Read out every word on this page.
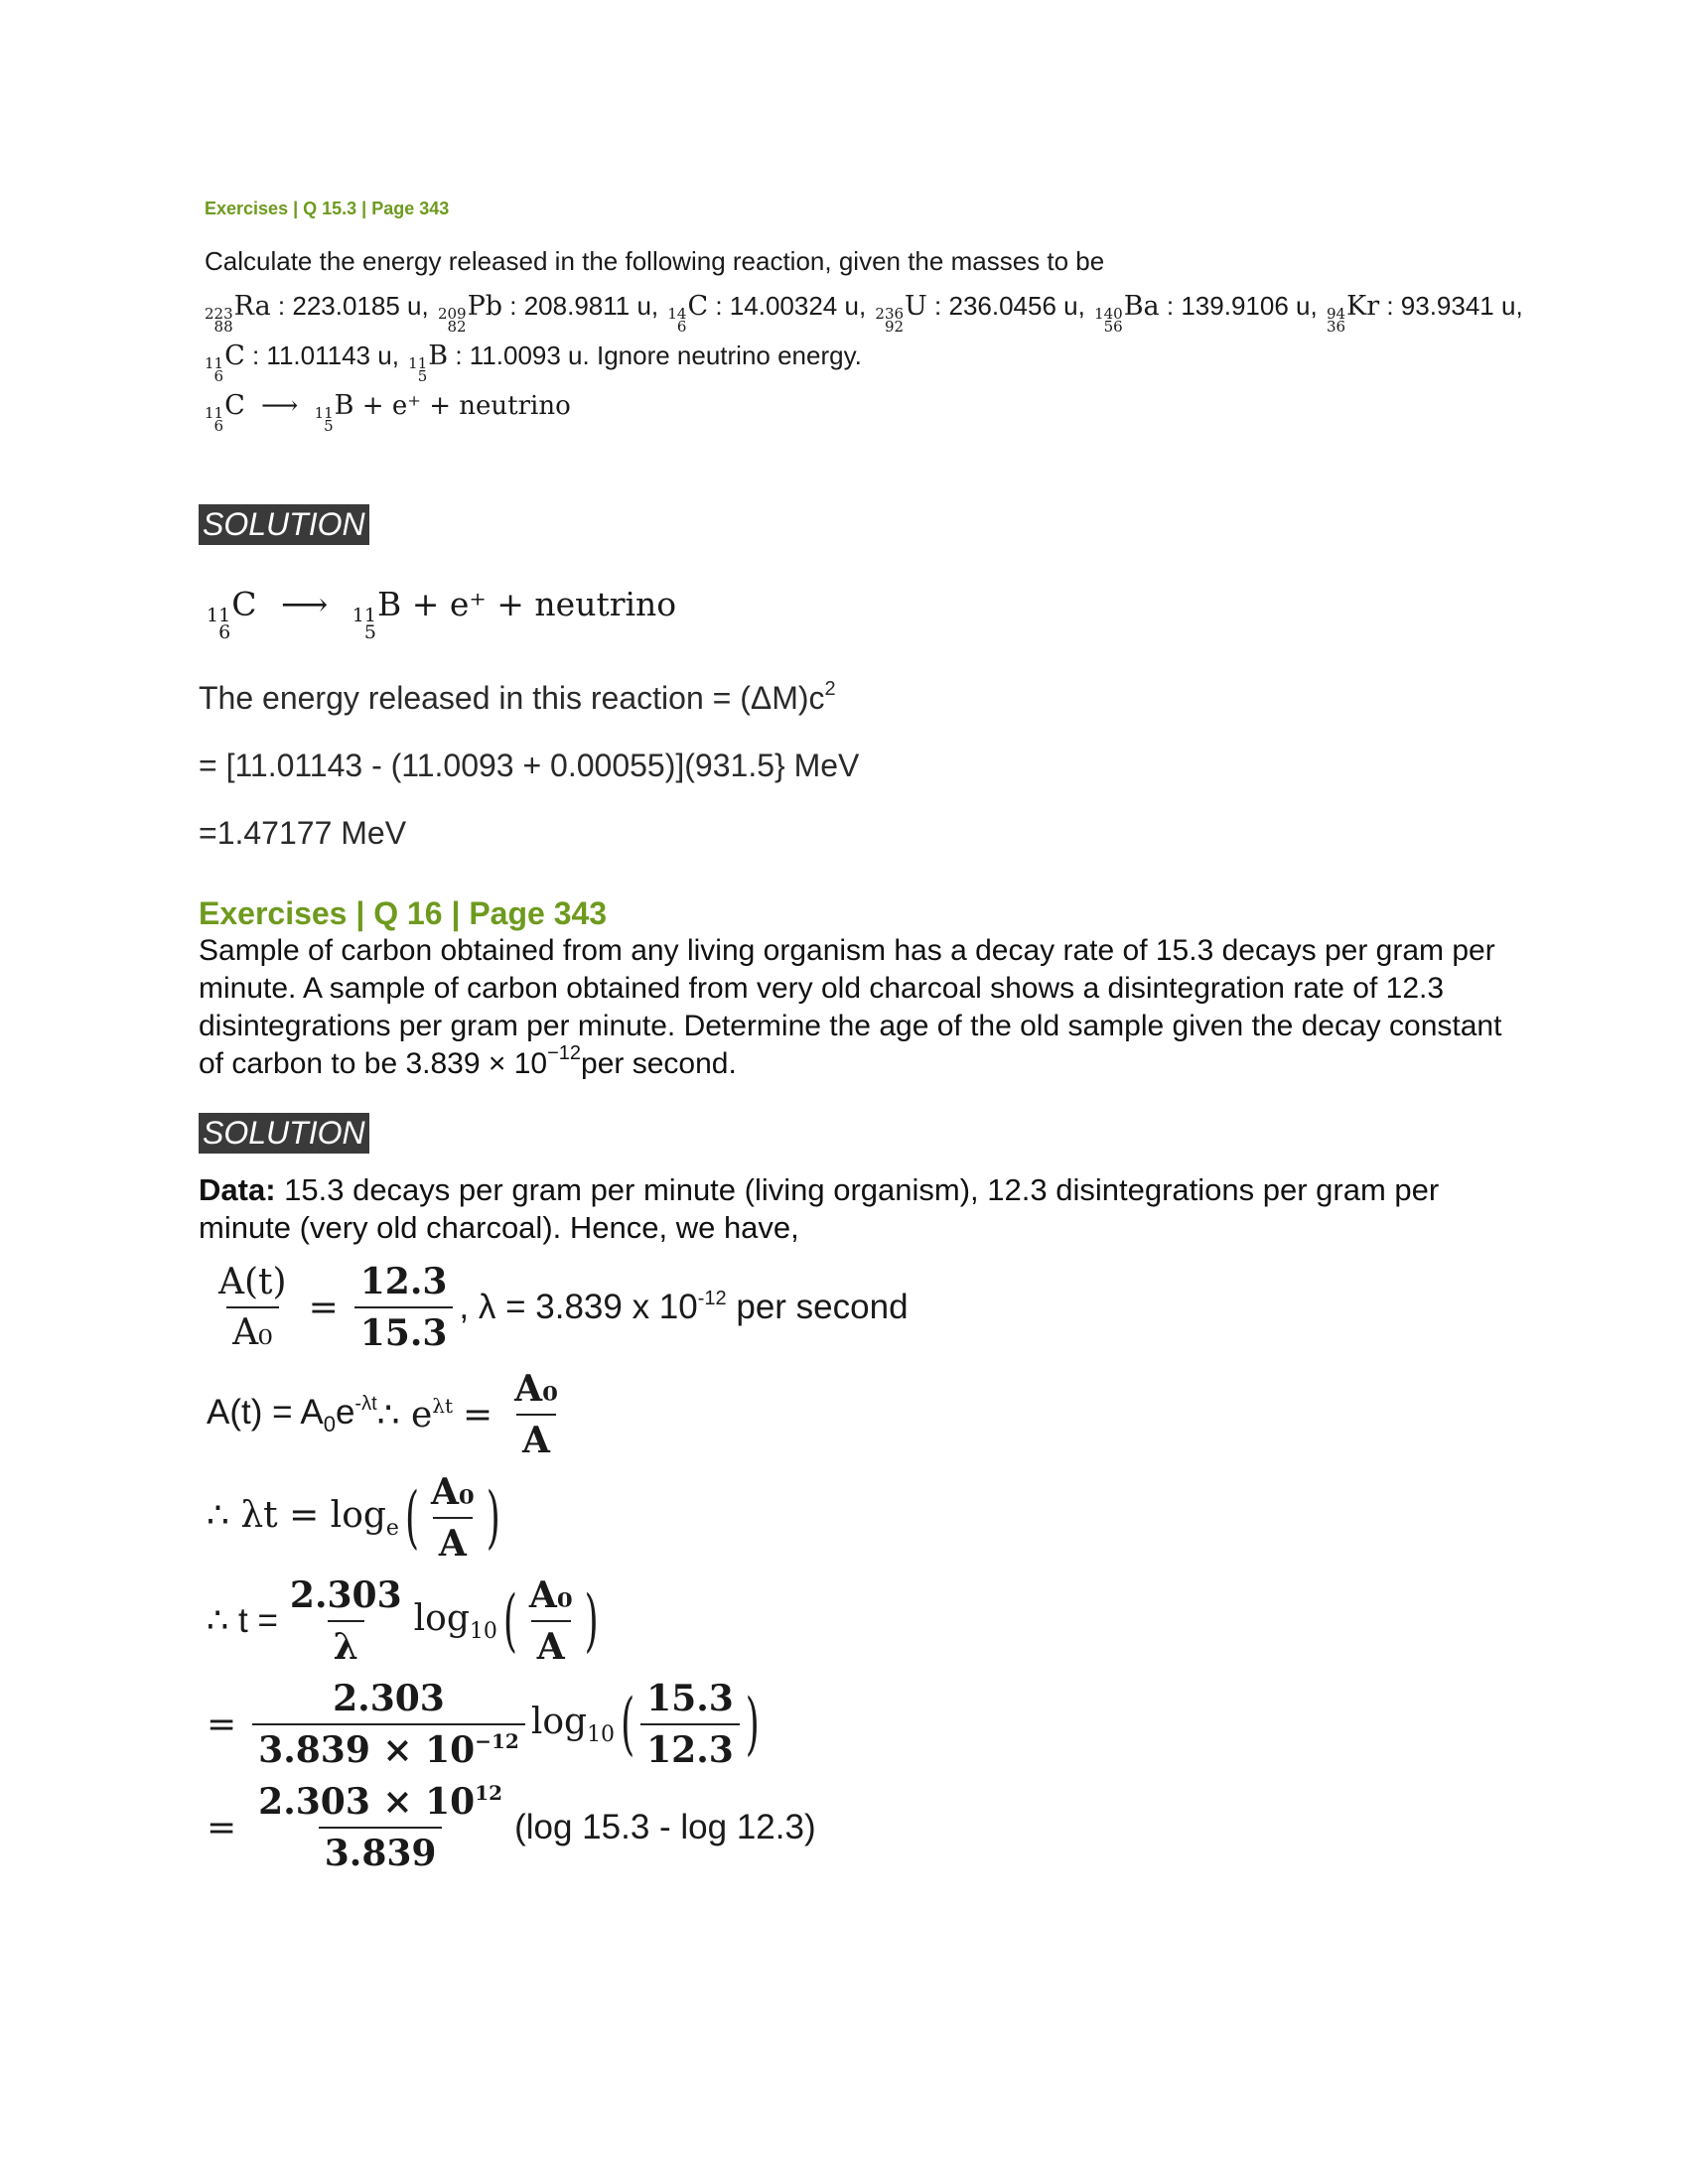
Exercises | Q 15.3 | Page 343
Calculate the energy released in the following reaction, given the masses to be
223
88
Ra : 223.0185 u, 209
82
Pb : 208.9811 u, 14
6
C : 14.00324 u, 236
92
U : 236.0456 u, 140
56
Ba : 139.9106 u, 94
36
Kr : 93.9341 u,
11
6
C : 11.01143 u, 11
5
B : 11.0093 u. Ignore neutrino energy.
11
6
C ⟶ 11
5
B + e⁺ + neutrino
SOLUTION
11
6
C ⟶ 11
5
B + e⁺ + neutrino
The energy released in this reaction = $(\Delta M)c^2$
= [11.01143 - (11.0093 + 0.00055)](931.5} MeV
=1.47177 MeV
Exercises | Q 16 | Page 343
Sample of carbon obtained from any living organism has a decay rate of 15.3 decays per gram per minute. A sample of carbon obtained from very old charcoal shows a disintegration rate of 12.3 disintegrations per gram per minute. Determine the age of the old sample given the decay constant of carbon to be $3.839 \times 10^{-12}per$ second.
SOLUTION
Data: 15.3 decays per gram per minute (living organism), 12.3 disintegrations per gram per minute (very old charcoal). Hence, we have,
$\frac{A(t)}{\text{A₀}} = \frac{12.3}{15.3}$ , λ = 3.839 x $10^{-12}$ per second
$A(t) = A_0e^{-\lambda t}$ ∴ $e^{\lambda t} = \frac{\text{A₀}}{A}$
∴ $\lambda t = \log_e$ ( $\frac{\text{A₀}}{A}$ )
∴ $t = \frac{2.303}{\lambda} \log_{10}$ ( $\frac{\text{A₀}}{A}$ )
= $\frac{2.303}{3.839 \times 10^{-12}} \log_{10}$ ( $\frac{15.3}{12.3}$ )
= $\frac{2.303 \times 10^{12}}{3.839} (\log$ 15.3 - log 12.3)
